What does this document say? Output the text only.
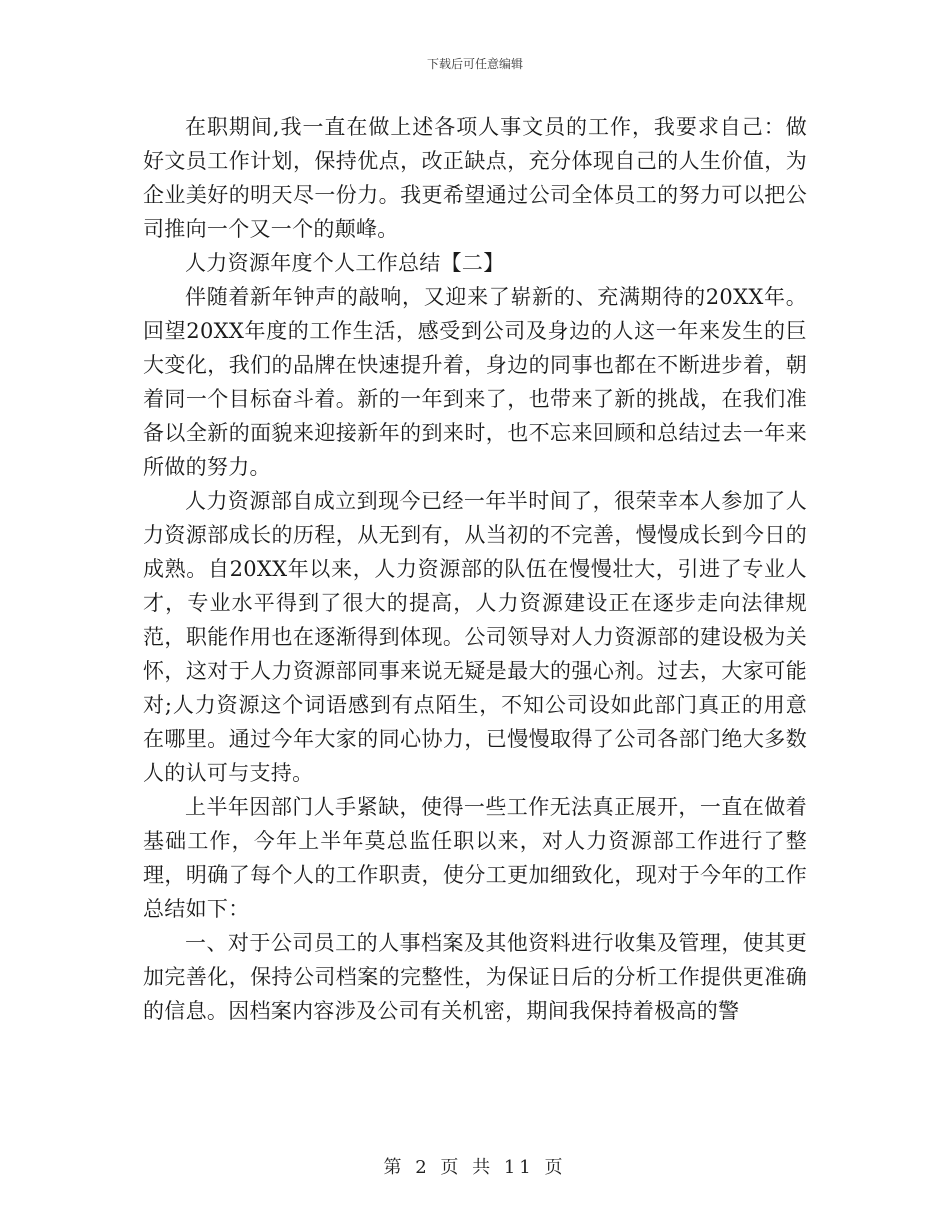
下载后可任意编辑

在职期间,我一直在做上述各项人事文员的工作，我要求自己：做好文员工作计划，保持优点，改正缺点，充分体现自己的人生价值，为企业美好的明天尽一份力。我更希望通过公司全体员工的努力可以把公司推向一个又一个的颠峰。

人力资源年度个人工作总结【二】

伴随着新年钟声的敲响，又迎来了崭新的、充满期待的20XX年。回望20XX年度的工作生活，感受到公司及身边的人这一年来发生的巨大变化，我们的品牌在快速提升着，身边的同事也都在不断进步着，朝着同一个目标奋斗着。新的一年到来了，也带来了新的挑战，在我们准备以全新的面貌来迎接新年的到来时，也不忘来回顾和总结过去一年来所做的努力。

人力资源部自成立到现今已经一年半时间了，很荣幸本人参加了人力资源部成长的历程，从无到有，从当初的不完善，慢慢成长到今日的成熟。自20XX年以来，人力资源部的队伍在慢慢壮大，引进了专业人才，专业水平得到了很大的提高，人力资源建设正在逐步走向法律规范，职能作用也在逐渐得到体现。公司领导对人力资源部的建设极为关怀，这对于人力资源部同事来说无疑是最大的强心剂。过去，大家可能对;人力资源这个词语感到有点陌生，不知公司设如此部门真正的用意在哪里。通过今年大家的同心协力，已慢慢取得了公司各部门绝大多数人的认可与支持。

上半年因部门人手紧缺，使得一些工作无法真正展开，一直在做着基础工作，今年上半年莫总监任职以来，对人力资源部工作进行了整理，明确了每个人的工作职责，使分工更加细致化，现对于今年的工作总结如下：

一、对于公司员工的人事档案及其他资料进行收集及管理，使其更加完善化，保持公司档案的完整性，为保证日后的分析工作提供更准确的信息。因档案内容涉及公司有关机密，期间我保持着极高的警

第 2 页 共 11 页
